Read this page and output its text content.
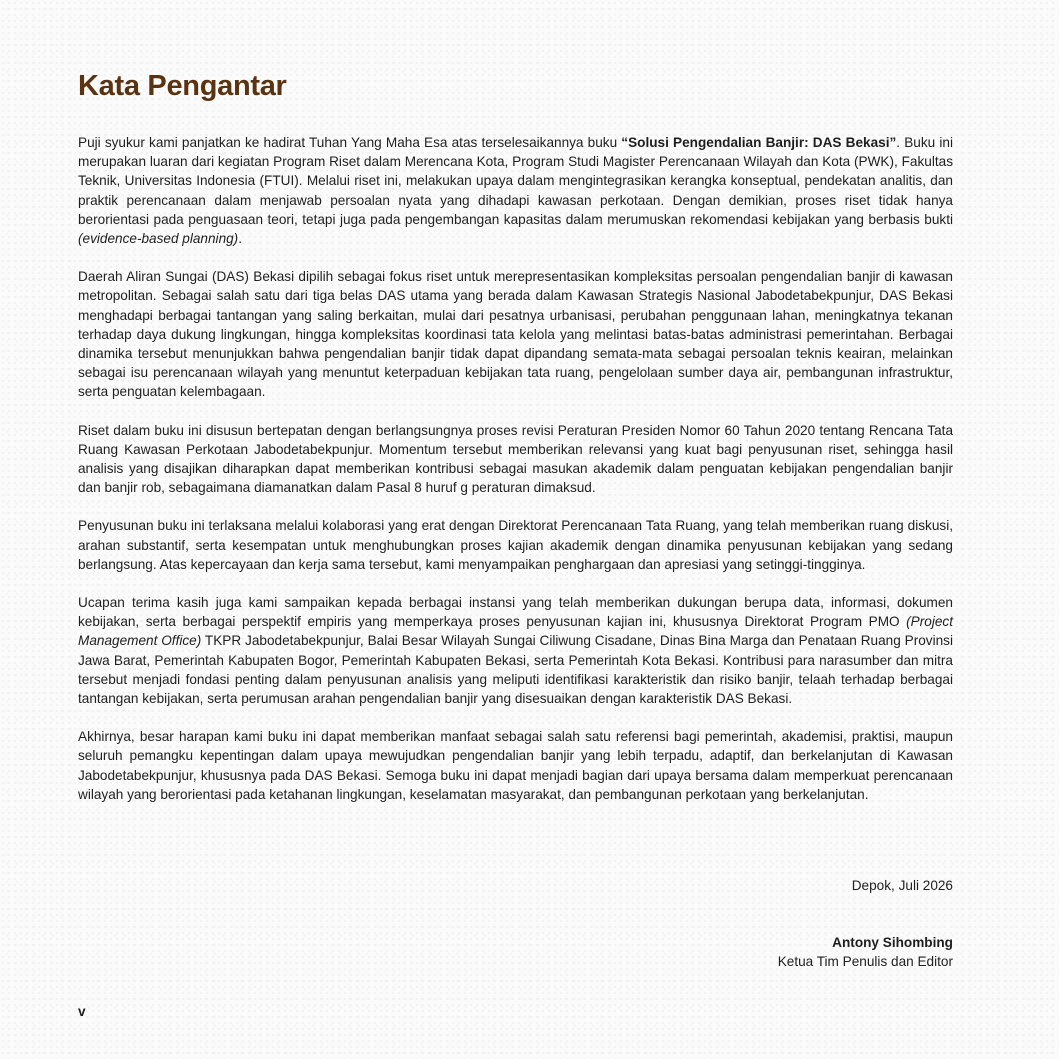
Kata Pengantar

Puji syukur kami panjatkan ke hadirat Tuhan Yang Maha Esa atas terselesaikannya buku “Solusi Pengendalian Banjir: DAS Bekasi”. Buku ini merupakan luaran dari kegiatan Program Riset dalam Merencana Kota, Program Studi Magister Perencanaan Wilayah dan Kota (PWK), Fakultas Teknik, Universitas Indonesia (FTUI). Melalui riset ini, melakukan upaya dalam mengintegrasikan kerangka konseptual, pendekatan analitis, dan praktik perencanaan dalam menjawab persoalan nyata yang dihadapi kawasan perkotaan. Dengan demikian, proses riset tidak hanya berorientasi pada penguasaan teori, tetapi juga pada pengembangan kapasitas dalam merumuskan rekomendasi kebijakan yang berbasis bukti (evidence-based planning).

Daerah Aliran Sungai (DAS) Bekasi dipilih sebagai fokus riset untuk merepresentasikan kompleksitas persoalan pengendalian banjir di kawasan metropolitan. Sebagai salah satu dari tiga belas DAS utama yang berada dalam Kawasan Strategis Nasional Jabodetabekpunjur, DAS Bekasi menghadapi berbagai tantangan yang saling berkaitan, mulai dari pesatnya urbanisasi, perubahan penggunaan lahan, meningkatnya tekanan terhadap daya dukung lingkungan, hingga kompleksitas koordinasi tata kelola yang melintasi batas-batas administrasi pemerintahan. Berbagai dinamika tersebut menunjukkan bahwa pengendalian banjir tidak dapat dipandang semata-mata sebagai persoalan teknis keairan, melainkan sebagai isu perencanaan wilayah yang menuntut keterpaduan kebijakan tata ruang, pengelolaan sumber daya air, pembangunan infrastruktur, serta penguatan kelembagaan.

Riset dalam buku ini disusun bertepatan dengan berlangsungnya proses revisi Peraturan Presiden Nomor 60 Tahun 2020 tentang Rencana Tata Ruang Kawasan Perkotaan Jabodetabekpunjur. Momentum tersebut memberikan relevansi yang kuat bagi penyusunan riset, sehingga hasil analisis yang disajikan diharapkan dapat memberikan kontribusi sebagai masukan akademik dalam penguatan kebijakan pengendalian banjir dan banjir rob, sebagaimana diamanatkan dalam Pasal 8 huruf g peraturan dimaksud.

Penyusunan buku ini terlaksana melalui kolaborasi yang erat dengan Direktorat Perencanaan Tata Ruang, yang telah memberikan ruang diskusi, arahan substantif, serta kesempatan untuk menghubungkan proses kajian akademik dengan dinamika penyusunan kebijakan yang sedang berlangsung. Atas kepercayaan dan kerja sama tersebut, kami menyampaikan penghargaan dan apresiasi yang setinggi-tingginya.

Ucapan terima kasih juga kami sampaikan kepada berbagai instansi yang telah memberikan dukungan berupa data, informasi, dokumen kebijakan, serta berbagai perspektif empiris yang memperkaya proses penyusunan kajian ini, khususnya Direktorat Program PMO (Project Management Office) TKPR Jabodetabekpunjur, Balai Besar Wilayah Sungai Ciliwung Cisadane, Dinas Bina Marga dan Penataan Ruang Provinsi Jawa Barat, Pemerintah Kabupaten Bogor, Pemerintah Kabupaten Bekasi, serta Pemerintah Kota Bekasi. Kontribusi para narasumber dan mitra tersebut menjadi fondasi penting dalam penyusunan analisis yang meliputi identifikasi karakteristik dan risiko banjir, telaah terhadap berbagai tantangan kebijakan, serta perumusan arahan pengendalian banjir yang disesuaikan dengan karakteristik DAS Bekasi.

Akhirnya, besar harapan kami buku ini dapat memberikan manfaat sebagai salah satu referensi bagi pemerintah, akademisi, praktisi, maupun seluruh pemangku kepentingan dalam upaya mewujudkan pengendalian banjir yang lebih terpadu, adaptif, dan berkelanjutan di Kawasan Jabodetabekpunjur, khususnya pada DAS Bekasi. Semoga buku ini dapat menjadi bagian dari upaya bersama dalam memperkuat perencanaan wilayah yang berorientasi pada ketahanan lingkungan, keselamatan masyarakat, dan pembangunan perkotaan yang berkelanjutan.

Depok, Juli 2026
Antony Sihombing
Ketua Tim Penulis dan Editor
v
